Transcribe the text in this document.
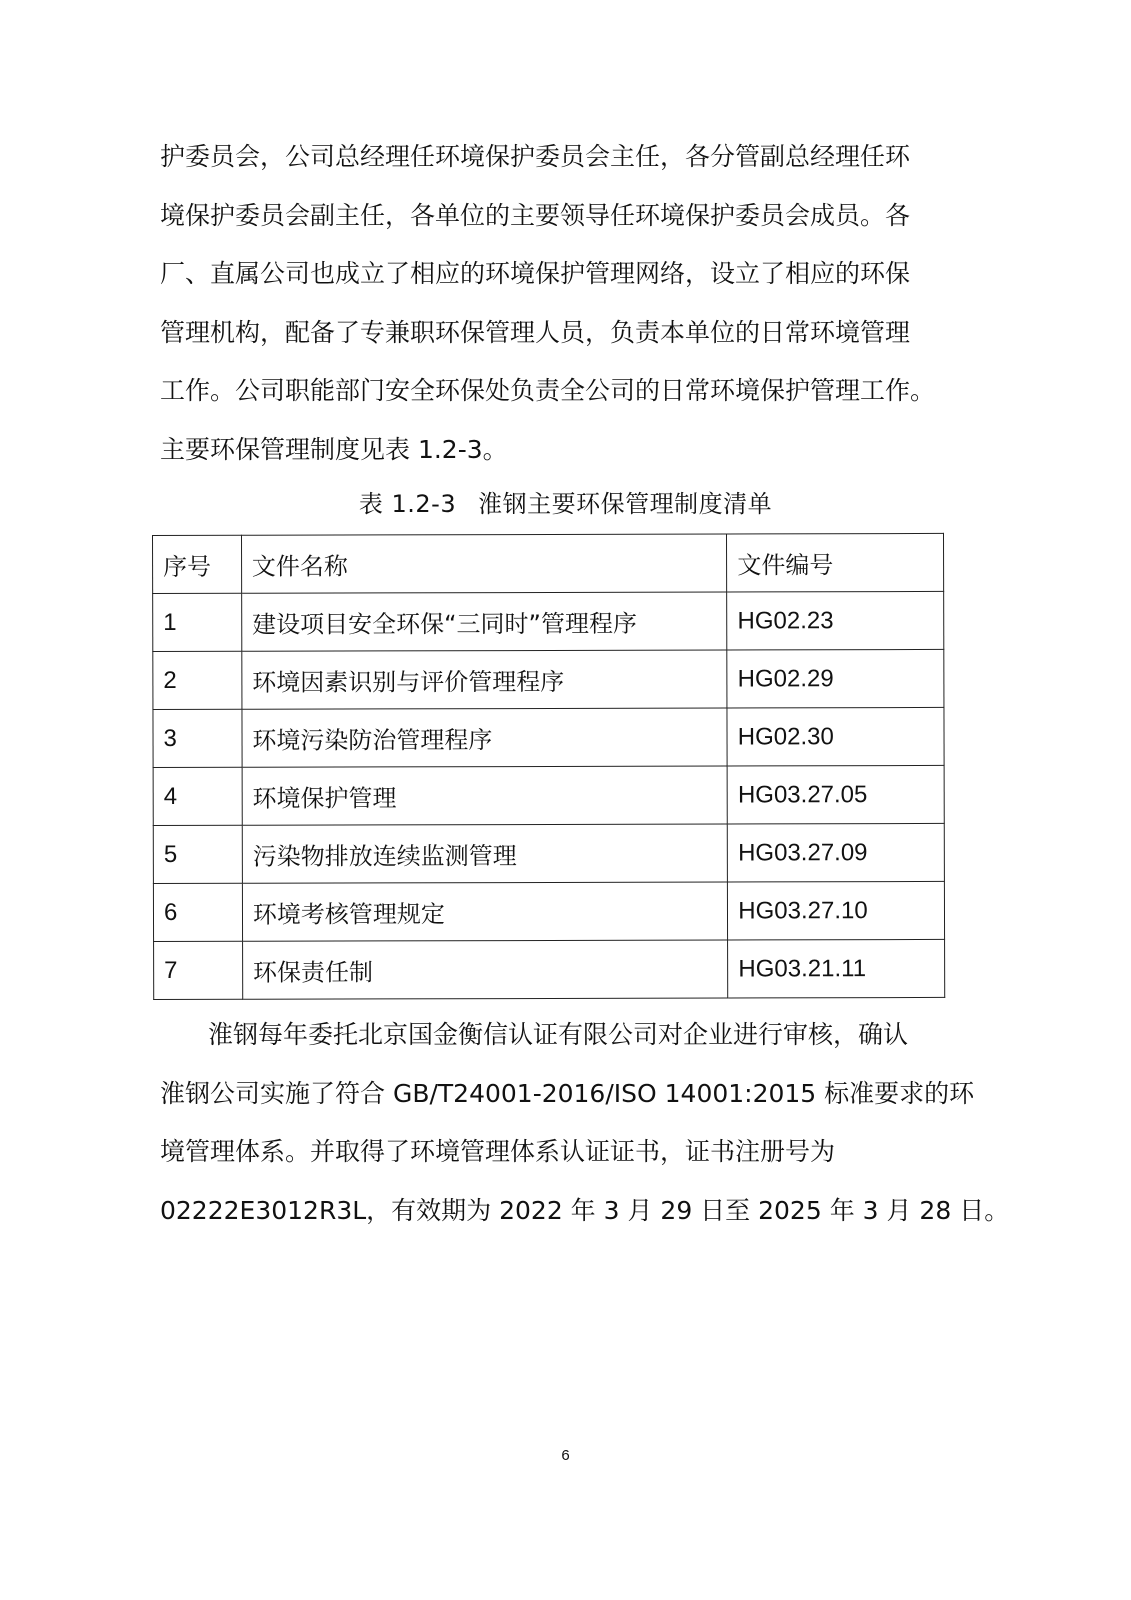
护委员会，公司总经理任环境保护委员会主任，各分管副总经理任环
境保护委员会副主任，各单位的主要领导任环境保护委员会成员。各
厂、直属公司也成立了相应的环境保护管理网络，设立了相应的环保
管理机构，配备了专兼职环保管理人员，负责本单位的日常环境管理
工作。公司职能部门安全环保处负责全公司的日常环境保护管理工作。
主要环保管理制度见表 1.2-3。
表 1.2-3 淮钢主要环保管理制度清单
序号	文件名称	文件编号
1	建设项目安全环保“三同时”管理程序	HG02.23
2	环境因素识别与评价管理程序	HG02.29
3	环境污染防治管理程序	HG02.30
4	环境保护管理	HG03.27.05
5	污染物排放连续监测管理	HG03.27.09
6	环境考核管理规定	HG03.27.10
7	环保责任制	HG03.21.11
淮钢每年委托北京国金衡信认证有限公司对企业进行审核，确认
淮钢公司实施了符合 GB/T24001-2016/ISO 14001:2015 标准要求的环
境管理体系。并取得了环境管理体系认证证书，证书注册号为
02222E3012R3L，有效期为 2022 年 3 月 29 日至 2025 年 3 月 28 日。
6
